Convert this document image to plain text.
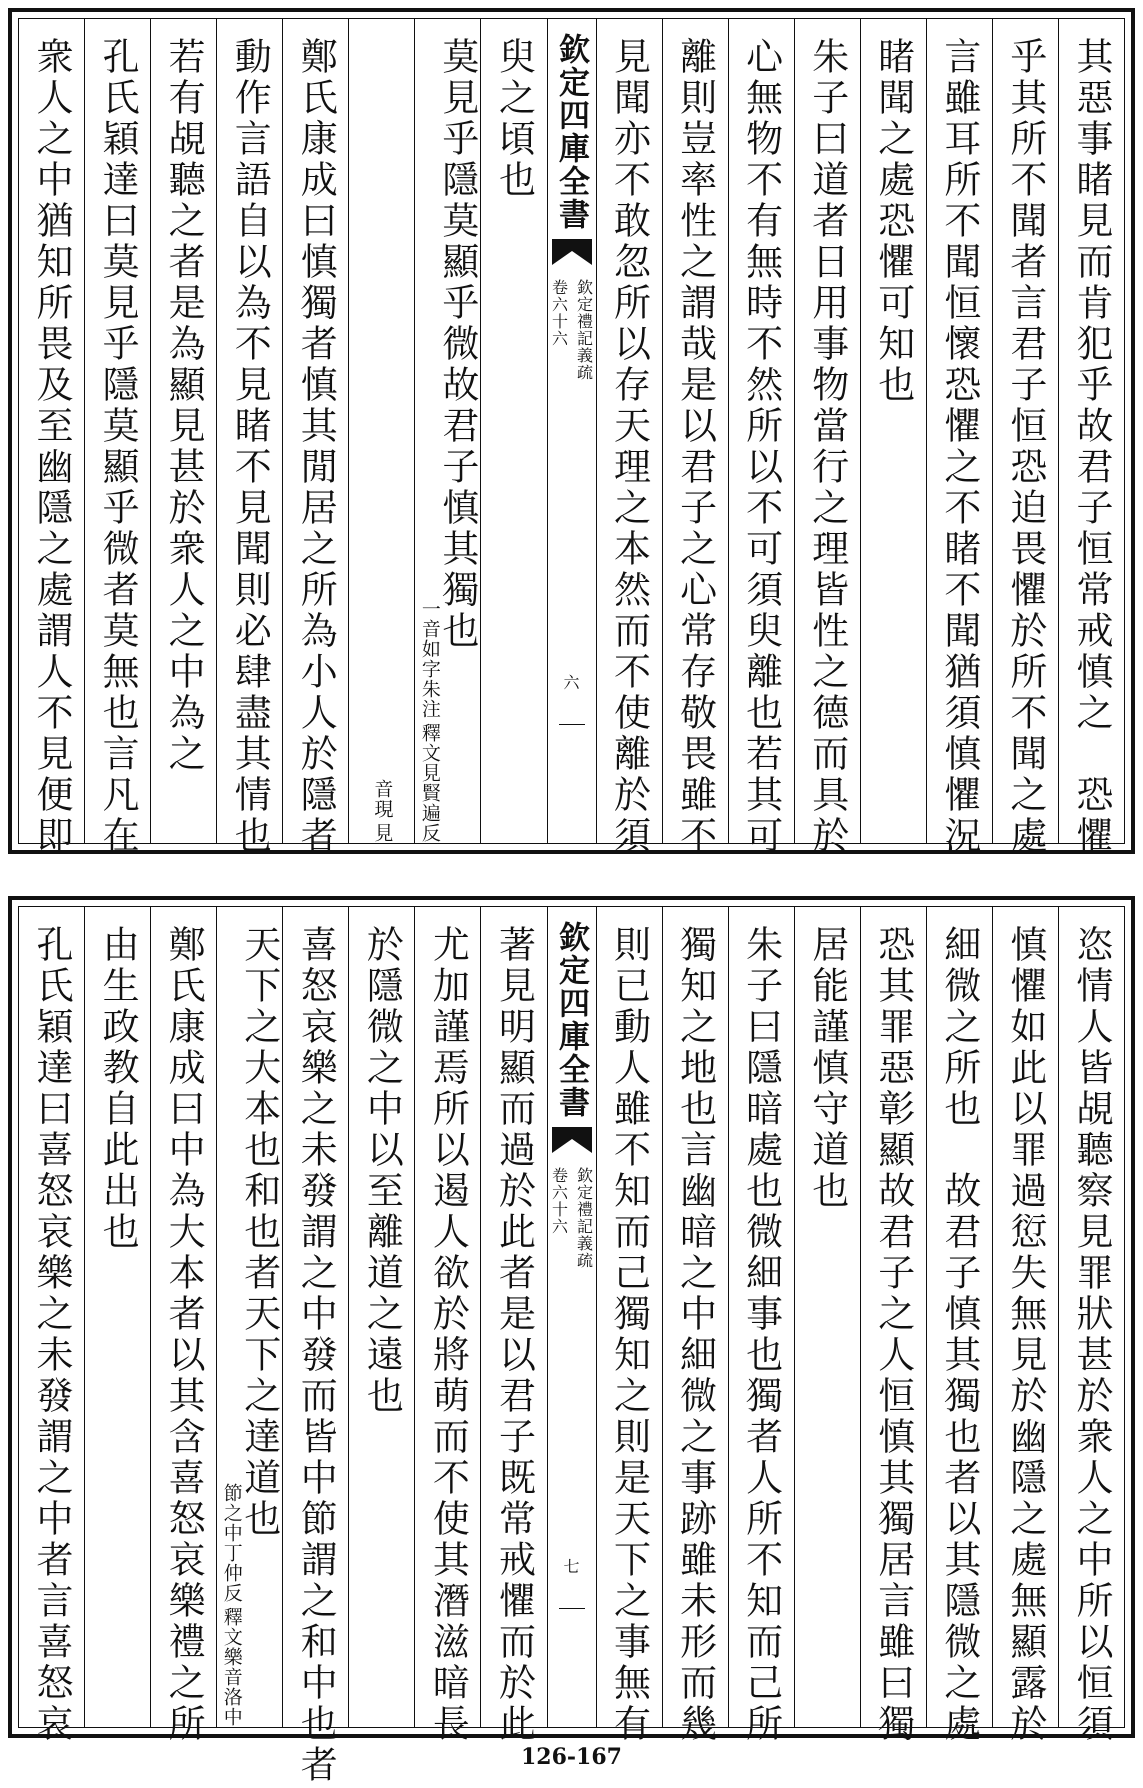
其惡事睹見而肯犯乎故君子恒常戒慎之　恐懼
乎其所不聞者言君子恒恐迫畏懼於所不聞之處
言雖耳所不聞恒懷恐懼之不睹不聞猶須慎懼況
睹聞之處恐懼可知也
朱子曰道者日用事物當行之理皆性之德而具於
心無物不有無時不然所以不可須臾離也若其可
離則豈率性之謂哉是以君子之心常存敬畏雖不
見聞亦不敢忽所以存天理之本然而不使離於須
欽定四庫全書
欽定禮記義疏
卷六十六
六
臾之頃也
莫見乎隱莫顯乎微故君子慎其獨也
釋文見賢遍反
一音如字朱注
見
音現
鄭氏康成曰慎獨者慎其閒居之所為小人於隱者
動作言語自以為不見睹不見聞則必肆盡其情也
若有覘聽之者是為顯見甚於衆人之中為之
孔氏穎達曰莫見乎隱莫顯乎微者莫無也言凡在
衆人之中猶知所畏及至幽隱之處謂人不見便即
恣情人皆覘聽察見罪狀甚於衆人之中所以恒須
慎懼如此以罪過愆失無見於幽隱之處無顯露於
細微之所也　故君子慎其獨也者以其隱微之處
恐其罪惡彰顯故君子之人恒慎其獨居言雖曰獨
居能謹慎守道也
朱子曰隱暗處也微細事也獨者人所不知而己所
獨知之地也言幽暗之中細微之事跡雖未形而幾
則已動人雖不知而己獨知之則是天下之事無有
欽定四庫全書
欽定禮記義疏
卷六十六
七
著見明顯而過於此者是以君子既常戒懼而於此
尤加謹焉所以遏人欲於將萌而不使其潛滋暗長
於隱微之中以至離道之遠也
喜怒哀樂之未發謂之中發而皆中節謂之和中也者
天下之大本也和也者天下之達道也
釋文樂音洛中
節之中丁仲反
鄭氏康成曰中為大本者以其含喜怒哀樂禮之所
由生政教自此出也
孔氏穎達曰喜怒哀樂之未發謂之中者言喜怒哀
126-167
